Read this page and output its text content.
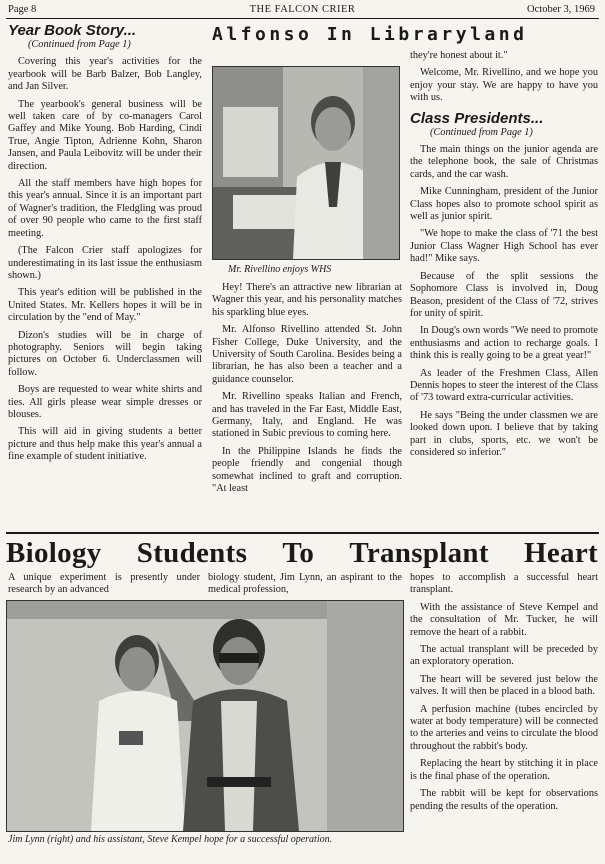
Page 8	THE FALCON CRIER	October 3, 1969
Year Book Story...

(Continued from Page 1)

Covering this year's activities for the yearbook will be Barb Balzer, Bob Langley, and Jan Silver.

The yearbook's general business will be well taken care of by co-managers Carol Gaffey and Mike Young. Bob Harding, Cindi True, Angie Tipton, Adrienne Kohn, Sharon Jansen, and Paula Leibovitz will be under their direction.

All the staff members have high hopes for this year's annual. Since it is an important part of Wagner's tradition, the Fledgling was proud of over 90 people who came to the first staff meeting.

(The Falcon Crier staff apologizes for underestimating in its last issue the enthusiasm shown.)

This year's edition will be published in the United States. Mr. Kellers hopes it will be in circulation by the "end of May."

Dizon's studies will be in charge of photography. Seniors will begin taking pictures on October 6. Underclassmen will follow.

Boys are requested to wear white shirts and ties. All girls please wear simple dresses or blouses.

This will aid in giving students a better picture and thus help make this year's annual a fine example of student initiative.

Alfonso In Libraryland

Mr. Rivellino enjoys WHS

Hey! There's an attractive new librarian at Wagner this year, and his personality matches his sparkling blue eyes.

Mr. Alfonso Rivellino attended St. John Fisher College, Duke University, and the University of South Carolina. Besides being a librarian, he has also been a teacher and a guidance counselor.

Mr. Rivellino speaks Italian and French, and has traveled in the Far East, Middle East, Germany, Italy, and England. He was stationed in Subic previous to coming here.

In the Philippine Islands he finds the people friendly and congenial though somewhat inclined to graft and corruption. "At least

they're honest about it."

Welcome, Mr. Rivellino, and we hope you enjoy your stay. We are happy to have you with us.

Class Presidents...

(Continued from Page 1)

The main things on the junior agenda are the telephone book, the sale of Christmas cards, and the car wash.

Mike Cunningham, president of the Junior Class hopes also to promote school spirit as well as junior spirit.

"We hope to make the class of '71 the best Junior Class Wagner High School has ever had!" Mike says.

Because of the split sessions the Sophomore Class is involved in, Doug Beason, president of the Class of '72, strives for unity of spirit.

In Doug's own words "We need to promote enthusiasms and action to recharge goals. I think this is really going to be a great year!"

As leader of the Freshmen Class, Allen Dennis hopes to steer the interest of the Class of '73 toward extra-curricular activities.

He says "Being the under classmen we are looked down upon. I believe that by taking part in clubs, sports, etc. we won't be considered so inferior."

Biology Students To Transplant Heart

A unique experiment is presently under research by an advanced

biology student, Jim Lynn, an aspirant to the medical profession,

Jim Lynn (right) and his assistant, Steve Kempel hope for a successful operation.

hopes to accomplish a successful heart transplant.

With the assistance of Steve Kempel and the consultation of Mr. Tucker, he will remove the heart of a rabbit.

The actual transplant will be preceded by an exploratory operation.

The heart will be severed just below the valves. It will then be placed in a blood bath.

A perfusion machine (tubes encircled by water at body temperature) will be connected to the arteries and veins to circulate the blood throughout the rabbit's body.

Replacing the heart by stitching it in place is the final phase of the operation.

The rabbit will be kept for observations pending the results of the operation.
